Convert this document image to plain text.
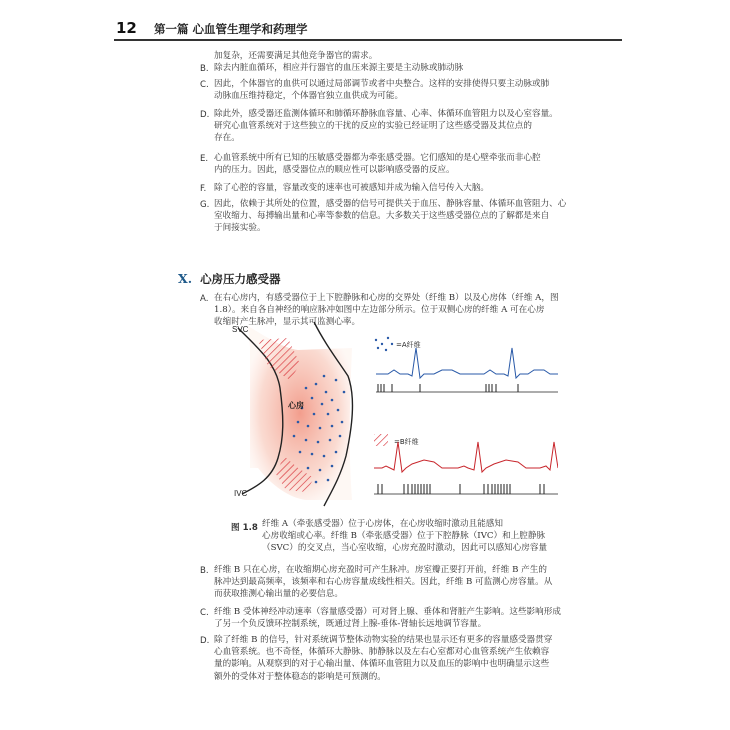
12 第一篇 心血管生理学和药理学
加复杂，还需要满足其他竞争器官的需求。
B. 除去内脏血循环，相应并行器官的血压来源主要是主动脉或肺动脉
C. 因此，个体器官的血供可以通过局部调节或者中央整合。这样的安排使得只要主动脉或肺
动脉血压维持稳定，个体器官独立血供成为可能。
D. 除此外，感受器还监测体循环和肺循环静脉血容量、心率、体循环血管阻力以及心室容量。
研究心血管系统对于这些独立的干扰的反应的实验已经证明了这些感受器及其位点的
存在。
E. 心血管系统中所有已知的压敏感受器都为牵张感受器。它们感知的是心壁牵张而非心腔
内的压力。因此，感受器位点的顺应性可以影响感受器的反应。
F. 除了心腔的容量，容量改变的速率也可被感知并成为输入信号传入大脑。
G. 因此，依赖于其所处的位置，感受器的信号可提供关于血压、静脉容量、体循环血管阻力、心
室收缩力、每搏输出量和心率等参数的信息。大多数关于这些感受器位点的了解都是来自
于间接实验。
X. 心房压力感受器
A. 在右心房内，有感受器位于上下腔静脉和心房的交界处（纤维 B）以及心房体（纤维 A，图
1.8）。来自各自神经的响应脉冲如图中左边部分所示。位于双侧心房的纤维 A 可在心房
收缩时产生脉冲，显示其可监测心率。
SVC
IVC
心房
=A纤维
=B纤维
图 1.8 纤维 A（牵张感受器）位于心房体，在心房收缩时激动且能感知
心房收缩或心率。纤维 B（牵张感受器）位于下腔静脉（IVC）和上腔静脉
（SVC）的交叉点，当心室收缩，心房充盈时激动，因此可以感知心房容量
B. 纤维 B 只在心房，在收缩期心房充盈时可产生脉冲。房室瓣正要打开前，纤维 B 产生的
脉冲达到最高频率，该频率和右心房容量成线性相关。因此，纤维 B 可监测心房容量。从
而获取推测心输出量的必要信息。
C. 纤维 B 受体神经冲动速率（容量感受器）可对肾上腺、垂体和肾脏产生影响。这些影响形成
了另一个负反馈环控制系统，既通过肾上腺-垂体-肾轴长远地调节容量。
D. 除了纤维 B 的信号，针对系统调节整体动物实验的结果也显示还有更多的容量感受器贯穿
心血管系统。也不奇怪，体循环大静脉、肺静脉以及左右心室都对心血管系统产生依赖容
量的影响。从观察到的对于心输出量、体循环血管阻力以及血压的影响中也明确显示这些
额外的受体对于整体稳态的影响是可预测的。
